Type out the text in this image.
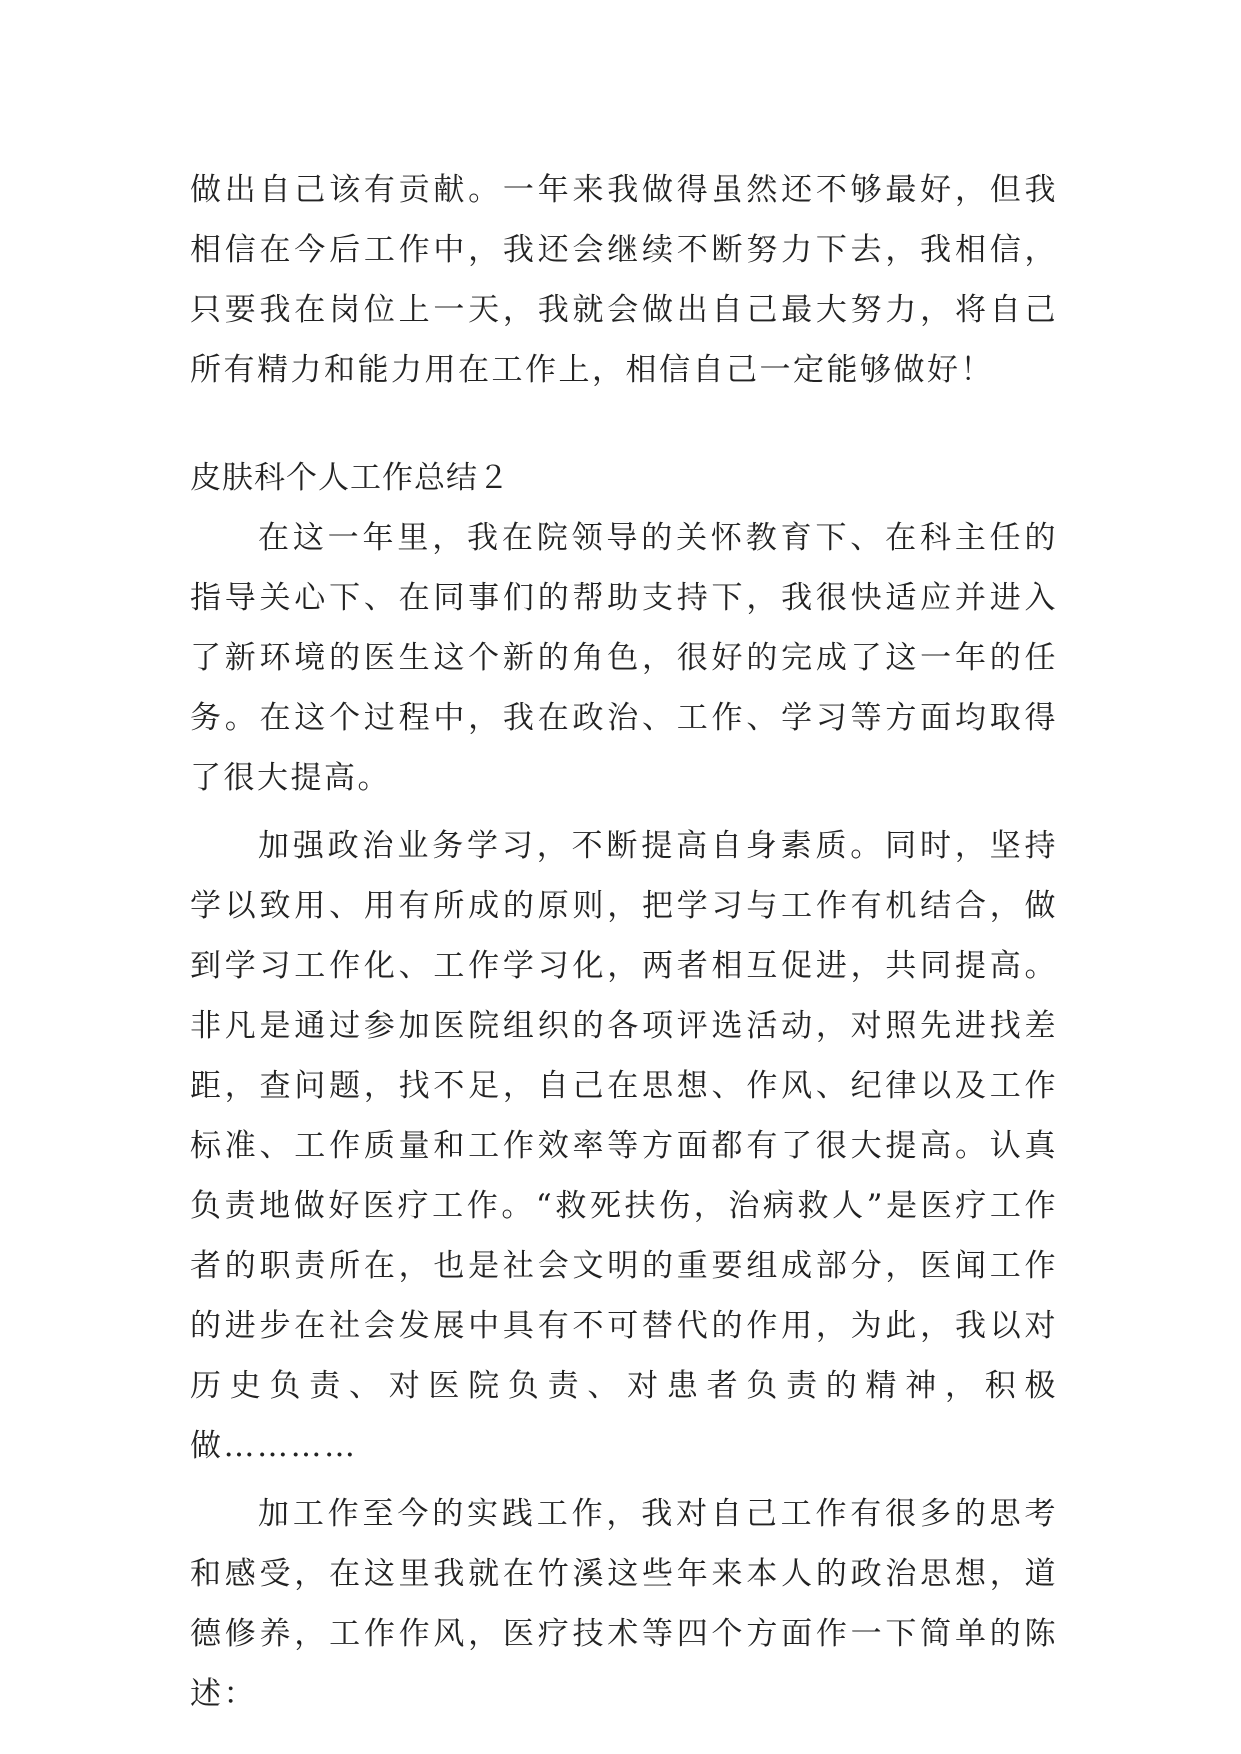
做出自己该有贡献。一年来我做得虽然还不够最好，但我相信在今后工作中，我还会继续不断努力下去，我相信，只要我在岗位上一天，我就会做出自己最大努力，将自己所有精力和能力用在工作上，相信自己一定能够做好！

皮肤科个人工作总结２

在这一年里，我在院领导的关怀教育下、在科主任的指导关心下、在同事们的帮助支持下，我很快适应并进入了新环境的医生这个新的角色，很好的完成了这一年的任务。在这个过程中，我在政治、工作、学习等方面均取得了很大提高。

加强政治业务学习，不断提高自身素质。同时，坚持学以致用、用有所成的原则，把学习与工作有机结合，做到学习工作化、工作学习化，两者相互促进，共同提高。非凡是通过参加医院组织的各项评选活动，对照先进找差距，查问题，找不足，自己在思想、作风、纪律以及工作标准、工作质量和工作效率等方面都有了很大提高。认真负责地做好医疗工作。“救死扶伤，治病救人”是医疗工作者的职责所在，也是社会文明的重要组成部分，医闻工作的进步在社会发展中具有不可替代的作用，为此，我以对历史负责、对医院负责、对患者负责的精神，积极做…………

加工作至今的实践工作，我对自己工作有很多的思考和感受，在这里我就在竹溪这些年来本人的政治思想，道德修养，工作作风，医疗技术等四个方面作一下简单的陈述：
